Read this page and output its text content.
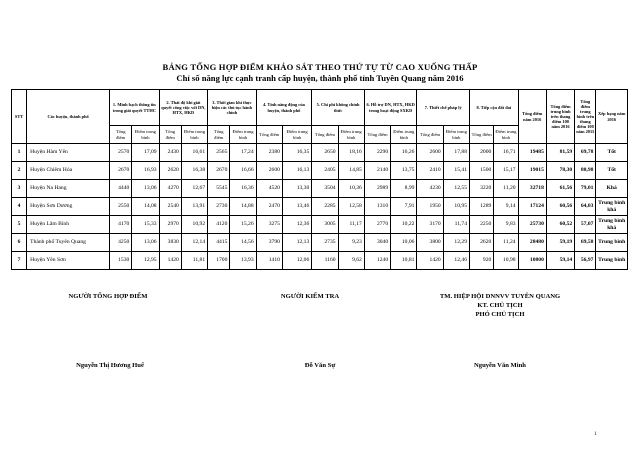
BẢNG TỔNG HỢP ĐIỂM KHẢO SÁT THEO THỨ TỰ TỪ CAO XUỐNG THẤP
Chỉ số năng lực cạnh tranh cấp huyện, thành phố tỉnh Tuyên Quang năm 2016
STT	Các huyện, thành phố	1. Minh bạch thông tin trong giải quyết TTHC		2. Thái độ khi giải quyết công việc với DN, HTX, HKD		3. Thời gian khi thực hiện các thủ tục hành chính		4. Tính năng động của huyện, thành phố		5. Chi phí không chính thức		6. Hỗ trợ DN, HTX, HKD trong hoạt động SXKD		7. Thiết chế pháp lý		8. Tiếp cận đất đai		Tổng điểm năm 2016	Tổng điểm trung bình trên thang điểm 100 năm 2016	Tổng điểm trung bình trên thang điểm 100 năm 2015	Xếp hạng năm 2016
		Tổng điểm	Điểm trung bình	Tổng điểm	Điểm trung bình	Tổng điểm	Điểm trung bình	Tổng điểm	Điểm trung bình	Tổng điểm	Điểm trung bình	Tổng điểm	Điểm trung bình	Tổng điểm	Điểm trung bình	Tổng điểm	Điểm trung bình				
1	Huyện Hàm Yên	2570	17,09	2430	16,61	2565	17,24	2380	16,35	2650	18,16	2290	16,26	2600	17,88	2000	16,71	19485	81,59	69,78	Tốt
2	Huyện Chiêm Hóa	2670	16,93	2620	16,38	2670	16,66	2600	16,13	2405	14,85	2140	13,75	2410	15,41	1500	15,17	19015	78,30	80,98	Tốt
3	Huyện Na Hang	4440	13,06	4270	12,67	5545	16,36	4520	13,30	3504	10,36	2989	8,99	4230	12,55	3220	11,20	32718	61,56	79,01	Khá
4	Huyện Sơn Dương	2550	14,08	2540	13,91	2730	14,88	2470	13,46	2285	12,58	1310	7,91	1950	10,95	1289	9,14	17124	60,56	64,03	Trung bình khá
5	Huyện Lâm Bình	4170	15,33	2970	10,92	4120	15,26	3275	12,36	3005	11,17	2770	10,22	3170	11,74	2250	9,83	25730	60,52	57,07	Trung bình khá
6	Thành phố Tuyên Quang	4250	13,06	3830	12,14	4415	14,56	3790	12,13	2735	9,23	3040	10,06	3800	12,29	2620	11,24	28480	59,19	69,58	Trung bình
7	Huyện Yên Sơn	1530	12,95	1420	11,81	1700	13,93	1410	12,06	1160	9,62	1240	10,81	1420	12,46	920	10,98	10800	59,14	56,97	Trung bình
NGƯỜI TỔNG HỢP ĐIỂM	NGƯỜI KIỂM TRA	TM. HIỆP HỘI DNNVV TUYÊN QUANG
KT. CHỦ TỊCH
PHÓ CHỦ TỊCH
Nguyễn Thị Hương Huế	Đỗ Văn Sự	Nguyễn Văn Minh
1
